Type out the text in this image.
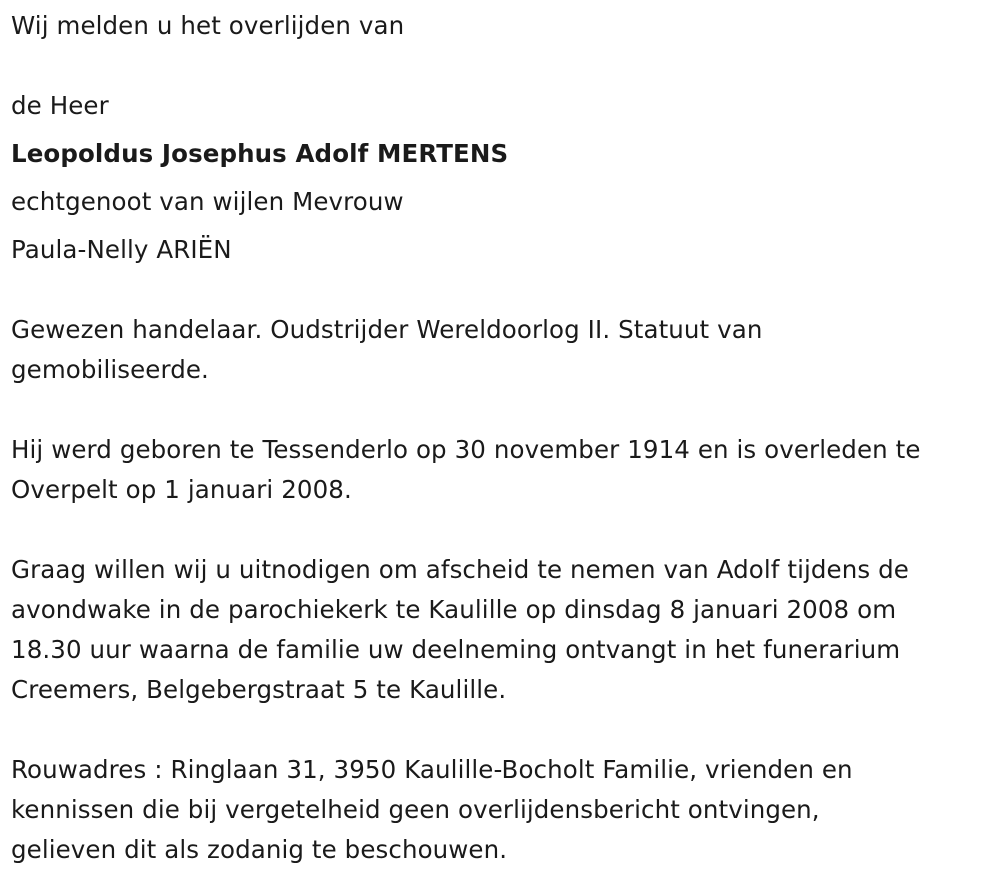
Wij melden u het overlijden van
de Heer
Leopoldus Josephus Adolf MERTENS
echtgenoot van wijlen Mevrouw
Paula-Nelly ARIËN
Gewezen handelaar. Oudstrijder Wereldoorlog II. Statuut van
gemobiliseerde.
Hij werd geboren te Tessenderlo op 30 november 1914 en is overleden te
Overpelt op 1 januari 2008.
Graag willen wij u uitnodigen om afscheid te nemen van Adolf tijdens de
avondwake in de parochiekerk te Kaulille op dinsdag 8 januari 2008 om
18.30 uur waarna de familie uw deelneming ontvangt in het funerarium
Creemers, Belgebergstraat 5 te Kaulille.
Rouwadres : Ringlaan 31, 3950 Kaulille-Bocholt Familie, vrienden en
kennissen die bij vergetelheid geen overlijdensbericht ontvingen,
gelieven dit als zodanig te beschouwen.
